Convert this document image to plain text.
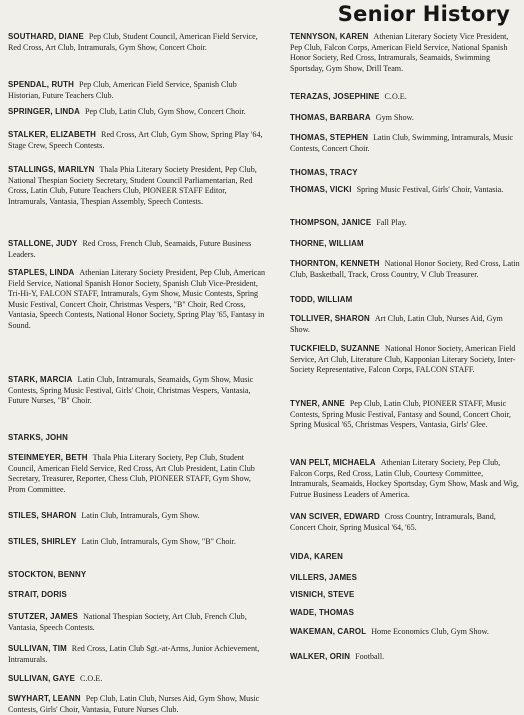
Senior History

SOUTHARD, DIANE Pep Club, Student Council, American Field Service, Red Cross, Art Club, Intramurals, Gym Show, Concert Choir.

SPENDAL, RUTH Pep Club, American Field Service, Spanish Club Historian, Future Teachers Club.

SPRINGER, LINDA Pep Club, Latin Club, Gym Show, Concert Choir.

STALKER, ELIZABETH Red Cross, Art Club, Gym Show, Spring Play '64, Stage Crew, Speech Contests.

STALLINGS, MARILYN Thala Phia Literary Society President, Pep Club, National Thespian Society Secretary, Student Council Parliamentarian, Red Cross, Latin Club, Future Teachers Club, PIONEER STAFF Editor, Intramurals, Vantasia, Thespian Assembly, Speech Contests.

STALLONE, JUDY Red Cross, French Club, Seamaids, Future Business Leaders.

STAPLES, LINDA Athenian Literary Society President, Pep Club, American Field Service, National Spanish Honor Society, Spanish Club Vice-President, Tri-Hi-Y, FALCON STAFF, Intramurals, Gym Show, Music Contests, Spring Music Festival, Concert Choir, Christmas Vespers, "B" Choir, Red Cross, Vantasia, Speech Contests, National Honor Society, Spring Play '65, Fantasy in Sound.

STARK, MARCIA Latin Club, Intramurals, Seamaids, Gym Show, Music Contests, Spring Music Festival, Girls' Choir, Christmas Vespers, Vantasia, Future Nurses, "B" Choir.

STARKS, JOHN

STEINMEYER, BETH Thala Phia Literary Society, Pep Club, Student Council, American Field Service, Red Cross, Art Club President, Latin Club Secretary, Treasurer, Reporter, Chess Club, PIONEER STAFF, Gym Show, Prom Committee.

STILES, SHARON Latin Club, Intramurals, Gym Show.

STILES, SHIRLEY Latin Club, Intramurals, Gym Show, "B" Choir.

STOCKTON, BENNY

STRAIT, DORIS

STUTZER, JAMES National Thespian Society, Art Club, French Club, Vantasia, Speech Contests.

SULLIVAN, TIM Red Cross, Latin Club Sgt.-at-Arms, Junior Achievement, Intramurals.

SULLIVAN, GAYE C.O.E.

SWYHART, LEANN Pep Club, Latin Club, Nurses Aid, Gym Show, Music Contests, Girls' Choir, Vantasia, Future Nurses Club.

TENNYSON, KAREN Athenian Literary Society Vice President, Pep Club, Falcon Corps, American Field Service, National Spanish Honor Society, Red Cross, Intramurals, Seamaids, Swimming Sportsday, Gym Show, Drill Team.

TERAZAS, JOSEPHINE C.O.E.

THOMAS, BARBARA Gym Show.

THOMAS, STEPHEN Latin Club, Swimming, Intramurals, Music Contests, Concert Choir.

THOMAS, TRACY

THOMAS, VICKI Spring Music Festival, Girls' Choir, Vantasia.

THOMPSON, JANICE Fall Play.

THORNE, WILLIAM

THORNTON, KENNETH National Honor Society, Red Cross, Latin Club, Basketball, Track, Cross Country, V Club Treasurer.

TODD, WILLIAM

TOLLIVER, SHARON Art Club, Latin Club, Nurses Aid, Gym Show.

TUCKFIELD, SUZANNE National Honor Society, American Field Service, Art Club, Literature Club, Kapponian Literary Society, Inter-Society Representative, Falcon Corps, FALCON STAFF.

TYNER, ANNE Pep Club, Latin Club, PIONEER STAFF, Music Contests, Spring Music Festival, Fantasy and Sound, Concert Choir, Spring Musical '65, Christmas Vespers, Vantasia, Girls' Glee.

VAN PELT, MICHAELA Athenian Literary Society, Pep Club, Falcon Corps, Red Cross, Latin Club, Courtesy Committee, Intramurals, Seamaids, Hockey Sportsday, Gym Show, Mask and Wig, Futrue Business Leaders of America.

VAN SCIVER, EDWARD Cross Country, Intramurals, Band, Concert Choir, Spring Musical '64, '65.

VIDA, KAREN

VILLERS, JAMES

VISNICH, STEVE

WADE, THOMAS

WAKEMAN, CAROL Home Economics Club, Gym Show.

WALKER, ORIN Football.
